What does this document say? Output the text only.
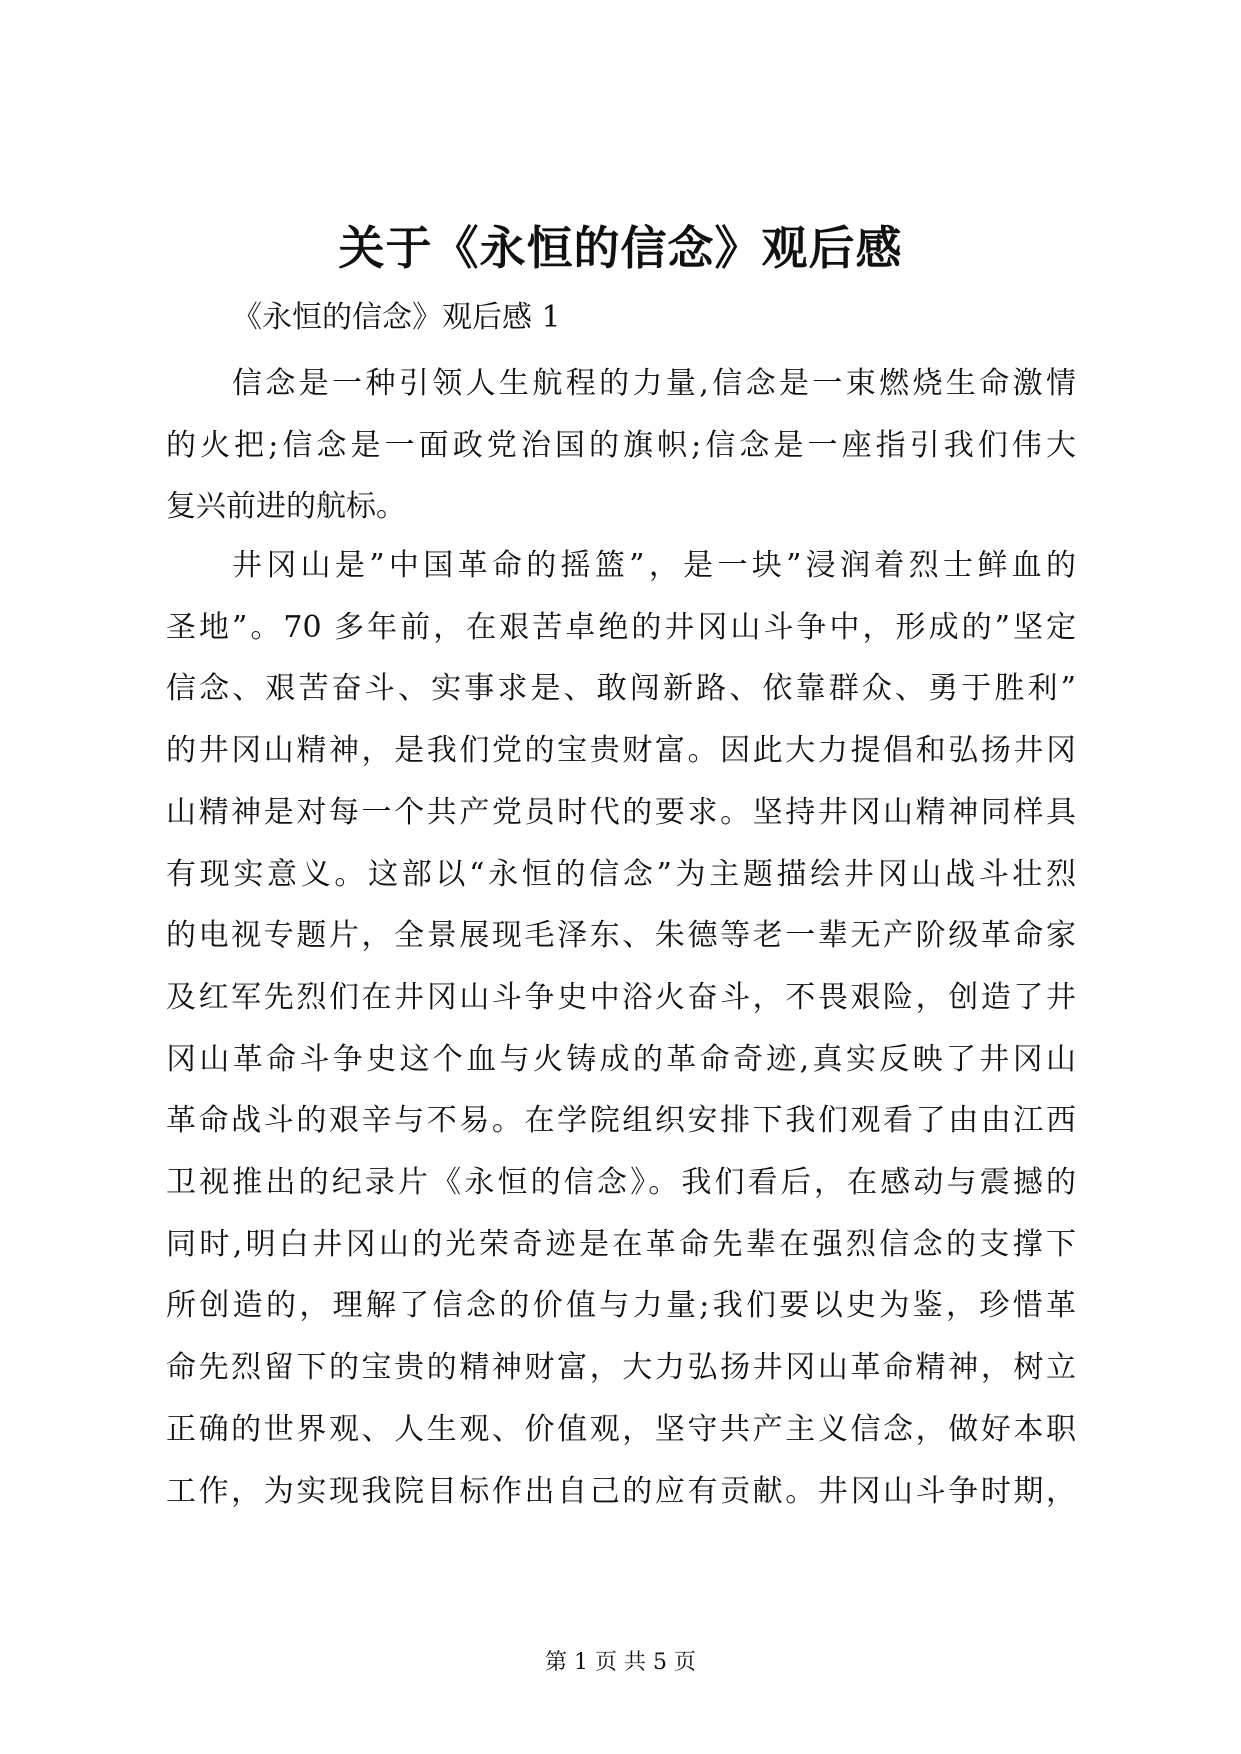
关于《永恒的信念》观后感

《永恒的信念》观后感 1

信念是一种引领人生航程的力量,信念是一束燃烧生命激情
的火把;信念是一面政党治国的旗帜;信念是一座指引我们伟大
复兴前进的航标。

井冈山是”中国革命的摇篮”，是一块”浸润着烈士鲜血的
圣地”。70 多年前，在艰苦卓绝的井冈山斗争中，形成的”坚定
信念、艰苦奋斗、实事求是、敢闯新路、依靠群众、勇于胜利”
的井冈山精神，是我们党的宝贵财富。因此大力提倡和弘扬井冈
山精神是对每一个共产党员时代的要求。坚持井冈山精神同样具
有现实意义。这部以“永恒的信念”为主题描绘井冈山战斗壮烈
的电视专题片，全景展现毛泽东、朱德等老一辈无产阶级革命家
及红军先烈们在井冈山斗争史中浴火奋斗，不畏艰险，创造了井
冈山革命斗争史这个血与火铸成的革命奇迹,真实反映了井冈山
革命战斗的艰辛与不易。在学院组织安排下我们观看了由由江西
卫视推出的纪录片《永恒的信念》。我们看后，在感动与震撼的
同时,明白井冈山的光荣奇迹是在革命先辈在强烈信念的支撑下
所创造的，理解了信念的价值与力量;我们要以史为鉴，珍惜革
命先烈留下的宝贵的精神财富，大力弘扬井冈山革命精神，树立
正确的世界观、人生观、价值观，坚守共产主义信念，做好本职
工作，为实现我院目标作出自己的应有贡献。井冈山斗争时期，

第 1 页 共 5 页
